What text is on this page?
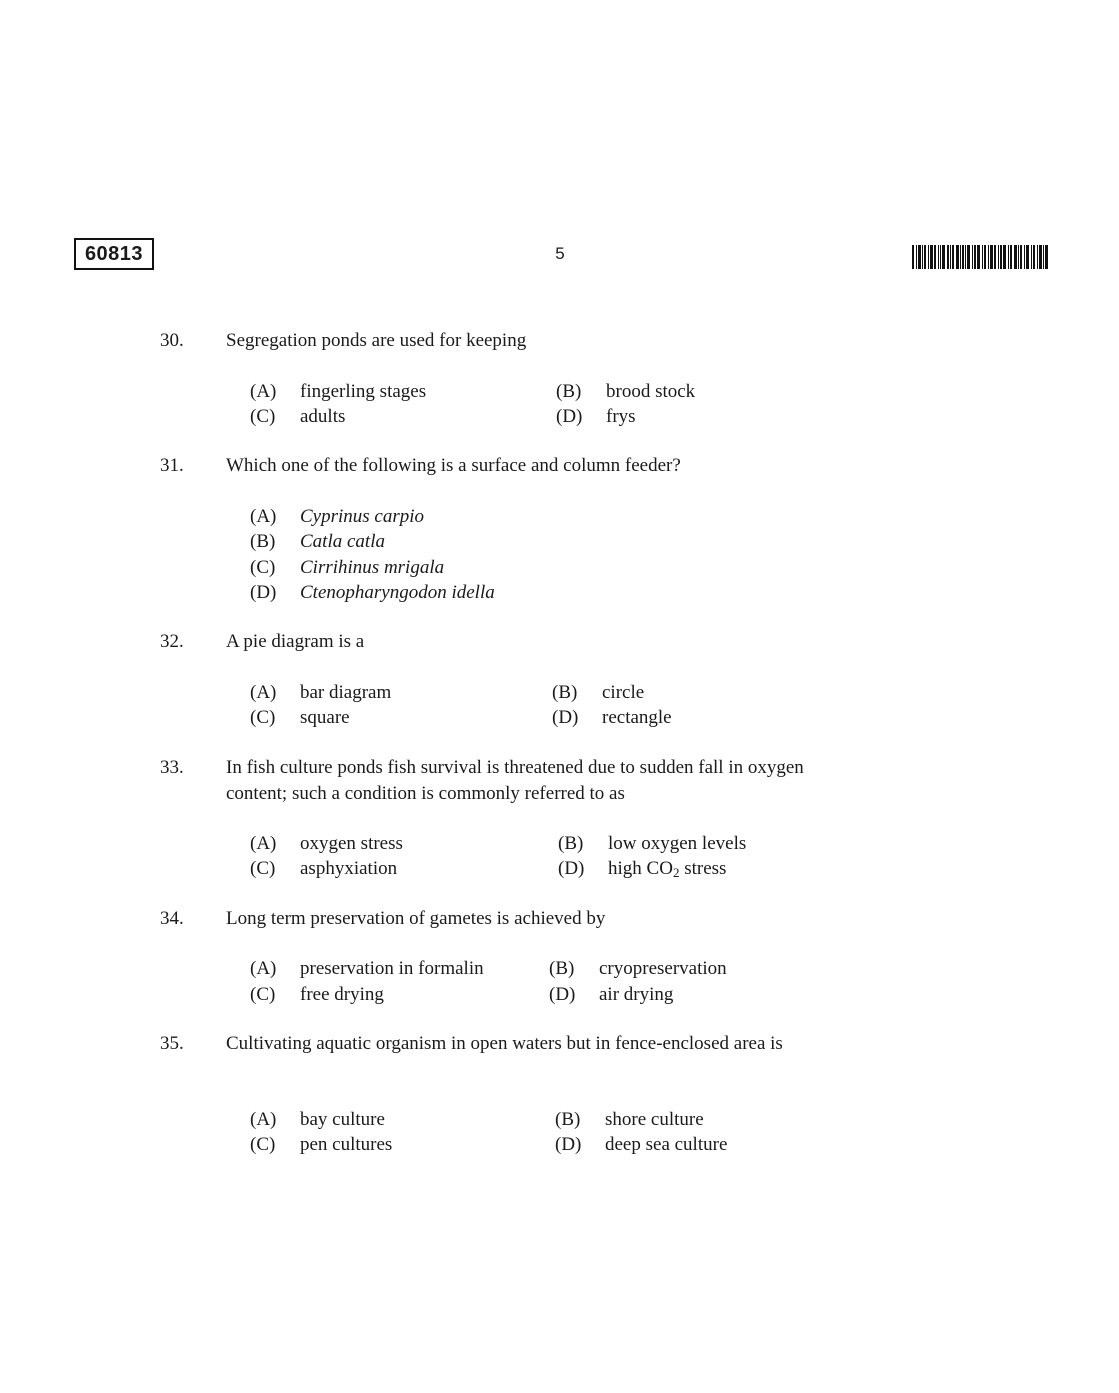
60813	5
30. Segregation ponds are used for keeping
(A) fingerling stages	(B) brood stock
(C) adults	(D) frys
31. Which one of the following is a surface and column feeder?
(A) Cyprinus carpio
(B) Catla catla
(C) Cirrihinus mrigala
(D) Ctenopharyngodon idella
32. A pie diagram is a
(A) bar diagram	(B) circle
(C) square	(D) rectangle
33. In fish culture ponds fish survival is threatened due to sudden fall in oxygen content; such a condition is commonly referred to as
(A) oxygen stress	(B) low oxygen levels
(C) asphyxiation	(D) high $CO_2$ stress
34. Long term preservation of gametes is achieved by
(A) preservation in formalin	(B) cryopreservation
(C) free drying	(D) air drying
35. Cultivating aquatic organism in open waters but in fence-enclosed area is
(A) bay culture	(B) shore culture
(C) pen cultures	(D) deep sea culture
